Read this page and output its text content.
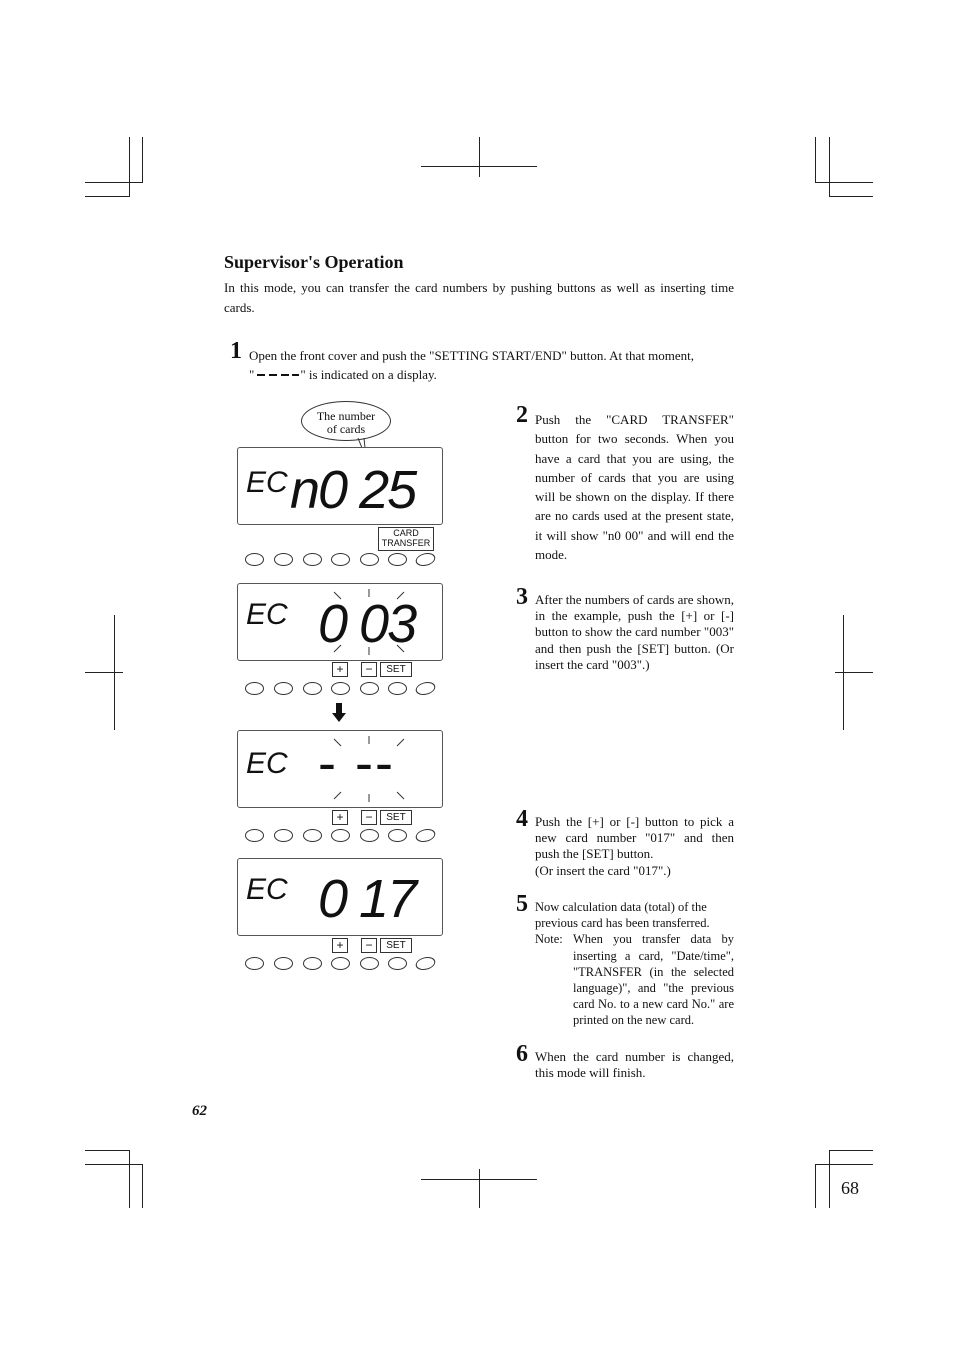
Supervisor's Operation
In this mode, you can transfer the card numbers by pushing buttons as well as inserting time cards.
1 Open the front cover and push the "SETTING START/END" button. At that moment,
"	" is indicated on a display.
The number
of cards
EC n0 25
CARD
TRANSFER
EC 0 03
+	−	SET
EC - --
+	−	SET
EC 0 17
+	−	SET
2 Push the "CARD TRANSFER" button for two seconds. When you have a card that you are using, the number of cards that you are using will be shown on the display. If there are no cards used at the present state, it will show "n0 00" and will end the mode.
3 After the numbers of cards are shown, in the example, push the [+] or [-] button to show the card number "003" and then push the [SET] button. (Or insert the card "003".)
4 Push the [+] or [-] button to pick a new card number "017" and then push the [SET] button.
(Or insert the card "017".)
5 Now calculation data (total) of the previous card has been transferred.
Note: When you transfer data by inserting a card, "Date/time", "TRANSFER (in the selected language)", and "the previous card No. to a new card No." are printed on the new card.
6 When the card number is changed, this mode will finish.
62
68
